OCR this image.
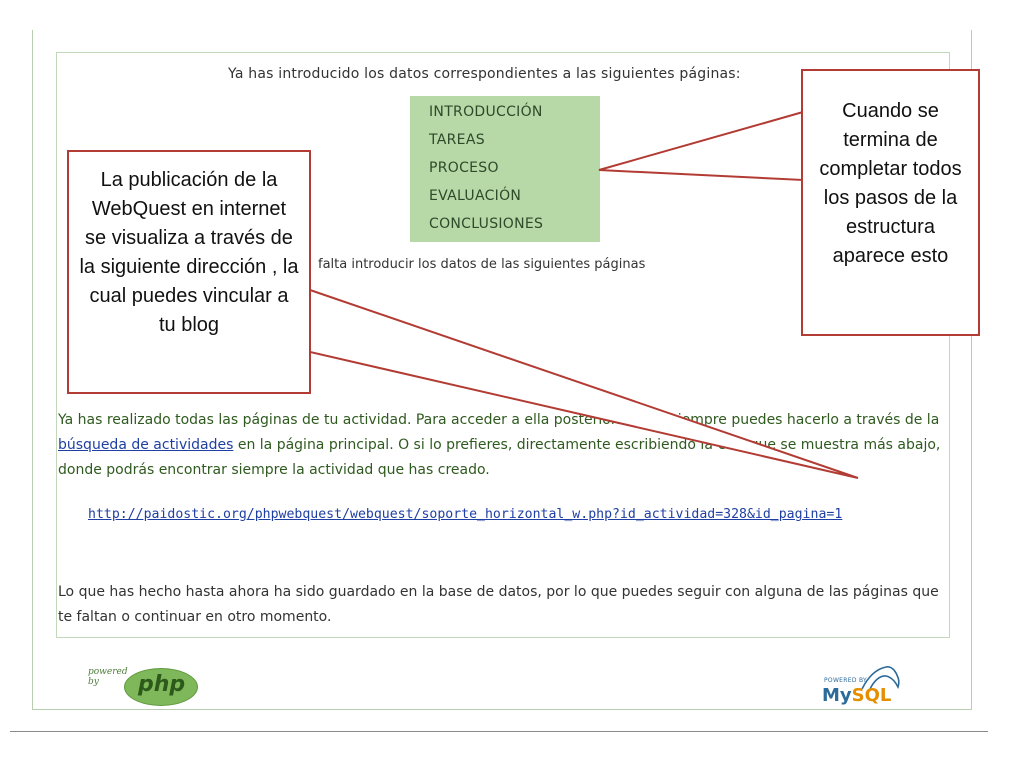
Ya has introducido los datos correspondientes a las siguientes páginas:
INTRODUCCIÓN
TAREAS
PROCESO
EVALUACIÓN
CONCLUSIONES
falta introducir los datos de las siguientes páginas
Ya has realizado todas las páginas de tu actividad. Para acceder a ella posteriormente, siempre puedes hacerlo a través de la búsqueda de actividades en la página principal. O si lo prefieres, directamente escribiendo la URL que se muestra más abajo, donde podrás encontrar siempre la actividad que has creado.
http://paidostic.org/phpwebquest/webquest/soporte_horizontal_w.php?id_actividad=328&id_pagina=1
Lo que has hecho hasta ahora ha sido guardado en la base de datos, por lo que puedes seguir con alguna de las páginas que te faltan o continuar en otro momento.
La publicación de la WebQuest en internet se visualiza a través de la siguiente dirección , la cual puedes vincular a tu blog
Cuando se termina de completar todos los pasos de la estructura aparece esto
powered by	php	POWERED BY
MySQL
